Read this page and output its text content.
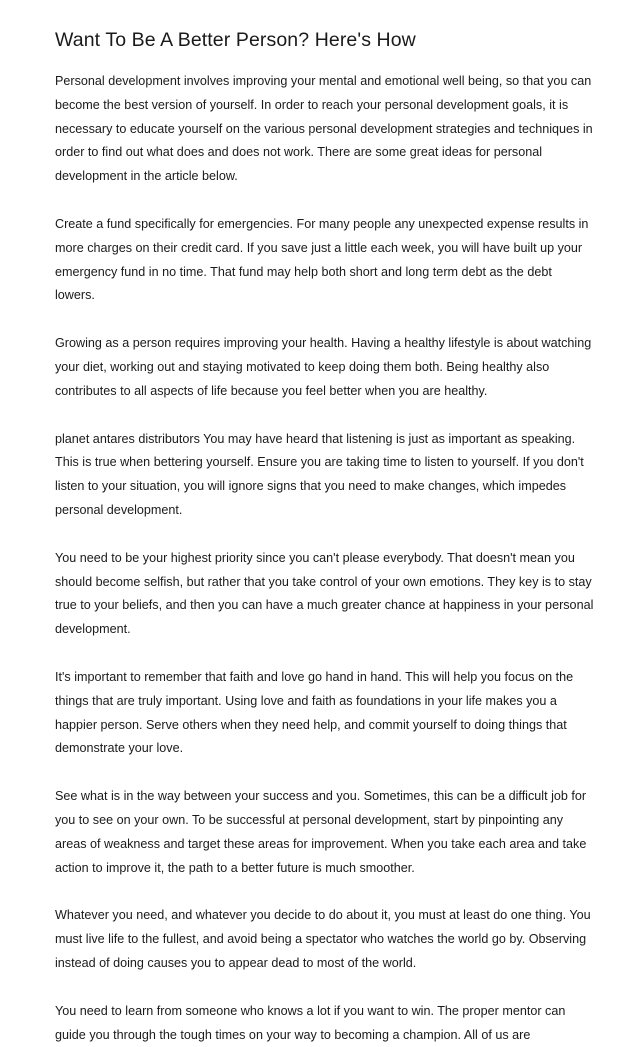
Want To Be A Better Person? Here's How

Personal development involves improving your mental and emotional well being, so that you can become the best version of yourself. In order to reach your personal development goals, it is necessary to educate yourself on the various personal development strategies and techniques in order to find out what does and does not work. There are some great ideas for personal development in the article below.

Create a fund specifically for emergencies. For many people any unexpected expense results in more charges on their credit card. If you save just a little each week, you will have built up your emergency fund in no time. That fund may help both short and long term debt as the debt lowers.

Growing as a person requires improving your health. Having a healthy lifestyle is about watching your diet, working out and staying motivated to keep doing them both. Being healthy also contributes to all aspects of life because you feel better when you are healthy.

planet antares distributors You may have heard that listening is just as important as speaking. This is true when bettering yourself. Ensure you are taking time to listen to yourself. If you don't listen to your situation, you will ignore signs that you need to make changes, which impedes personal development.

You need to be your highest priority since you can't please everybody. That doesn't mean you should become selfish, but rather that you take control of your own emotions. They key is to stay true to your beliefs, and then you can have a much greater chance at happiness in your personal development.

It's important to remember that faith and love go hand in hand. This will help you focus on the things that are truly important. Using love and faith as foundations in your life makes you a happier person. Serve others when they need help, and commit yourself to doing things that demonstrate your love.

See what is in the way between your success and you. Sometimes, this can be a difficult job for you to see on your own. To be successful at personal development, start by pinpointing any areas of weakness and target these areas for improvement. When you take each area and take action to improve it, the path to a better future is much smoother.

Whatever you need, and whatever you decide to do about it, you must at least do one thing. You must live life to the fullest, and avoid being a spectator who watches the world go by. Observing instead of doing causes you to appear dead to most of the world.

You need to learn from someone who knows a lot if you want to win. The proper mentor can guide you through the tough times on your way to becoming a champion. All of us are
